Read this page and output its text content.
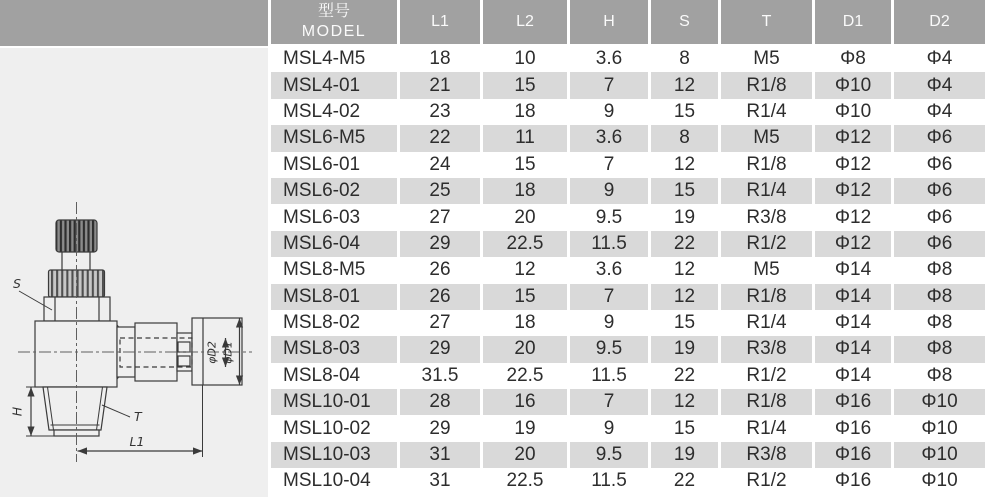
S
T
L1
H
φD2 φD1
型号
MODEL	L1	L2	H	S	T	D1	D2
MSL4-M5	18	10	3.6	8	M5	Φ8	Φ4
MSL4-01	21	15	7	12	R1/8	Φ10	Φ4
MSL4-02	23	18	9	15	R1/4	Φ10	Φ4
MSL6-M5	22	11	3.6	8	M5	Φ12	Φ6
MSL6-01	24	15	7	12	R1/8	Φ12	Φ6
MSL6-02	25	18	9	15	R1/4	Φ12	Φ6
MSL6-03	27	20	9.5	19	R3/8	Φ12	Φ6
MSL6-04	29	22.5	11.5	22	R1/2	Φ12	Φ6
MSL8-M5	26	12	3.6	12	M5	Φ14	Φ8
MSL8-01	26	15	7	12	R1/8	Φ14	Φ8
MSL8-02	27	18	9	15	R1/4	Φ14	Φ8
MSL8-03	29	20	9.5	19	R3/8	Φ14	Φ8
MSL8-04	31.5	22.5	11.5	22	R1/2	Φ14	Φ8
MSL10-01	28	16	7	12	R1/8	Φ16	Φ10
MSL10-02	29	19	9	15	R1/4	Φ16	Φ10
MSL10-03	31	20	9.5	19	R3/8	Φ16	Φ10
MSL10-04	31	22.5	11.5	22	R1/2	Φ16	Φ10
